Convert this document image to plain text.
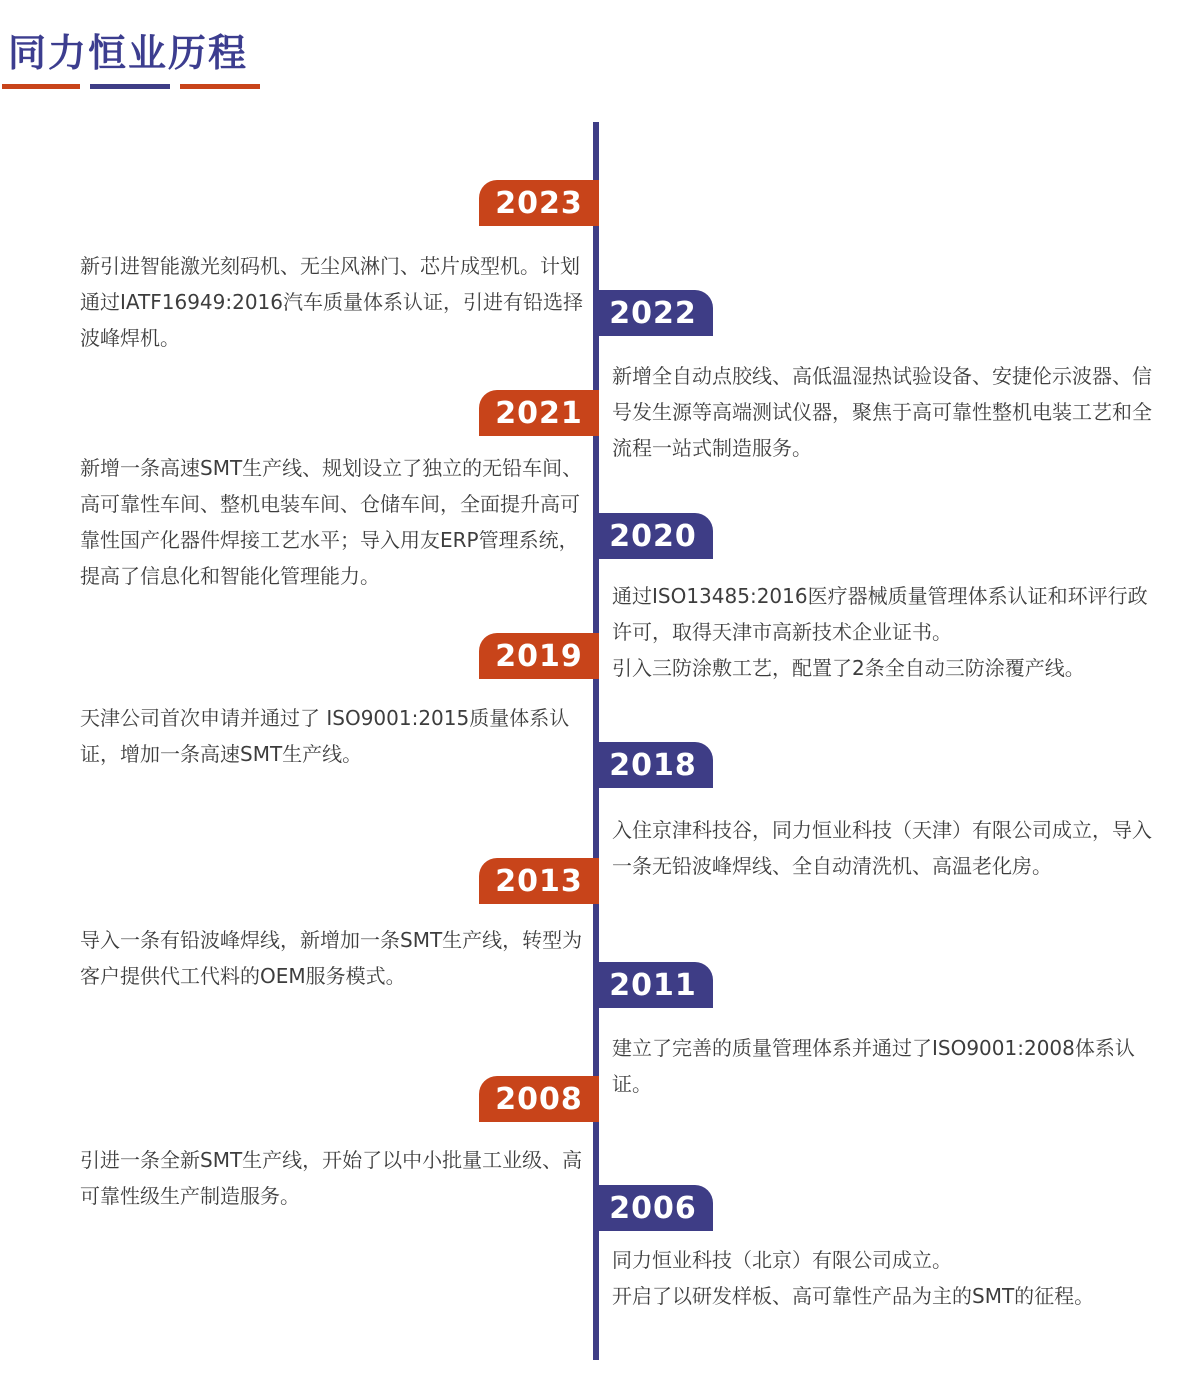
同力恒业历程
2023

新引进智能激光刻码机、无尘风淋门、芯片成型机。计划通过IATF16949:2016汽车质量体系认证，引进有铅选择波峰焊机。

2022

新增全自动点胶线、高低温湿热试验设备、安捷伦示波器、信号发生源等高端测试仪器，聚焦于高可靠性整机电装工艺和全流程一站式制造服务。

2021

新增一条高速SMT生产线、规划设立了独立的无铅车间、高可靠性车间、整机电装车间、仓储车间，全面提升高可靠性国产化器件焊接工艺水平；导入用友ERP管理系统，提高了信息化和智能化管理能力。

2020

通过ISO13485:2016医疗器械质量管理体系认证和环评行政许可，取得天津市高新技术企业证书。

引入三防涂敷工艺，配置了2条全自动三防涂覆产线。

2019

天津公司首次申请并通过了 ISO9001:2015质量体系认证，增加一条高速SMT生产线。	2018

入住京津科技谷，同力恒业科技（天津）有限公司成立，导入一条无铅波峰焊线、全自动清洗机、高温老化房。

2013

导入一条有铅波峰焊线，新增加一条SMT生产线，转型为客户提供代工代料的OEM服务模式。	2011

建立了完善的质量管理体系并通过了ISO9001:2008体系认证。

2008

引进一条全新SMT生产线，开始了以中小批量工业级、高可靠性级生产制造服务。	2006

同力恒业科技（北京）有限公司成立。

开启了以研发样板、高可靠性产品为主的SMT的征程。
